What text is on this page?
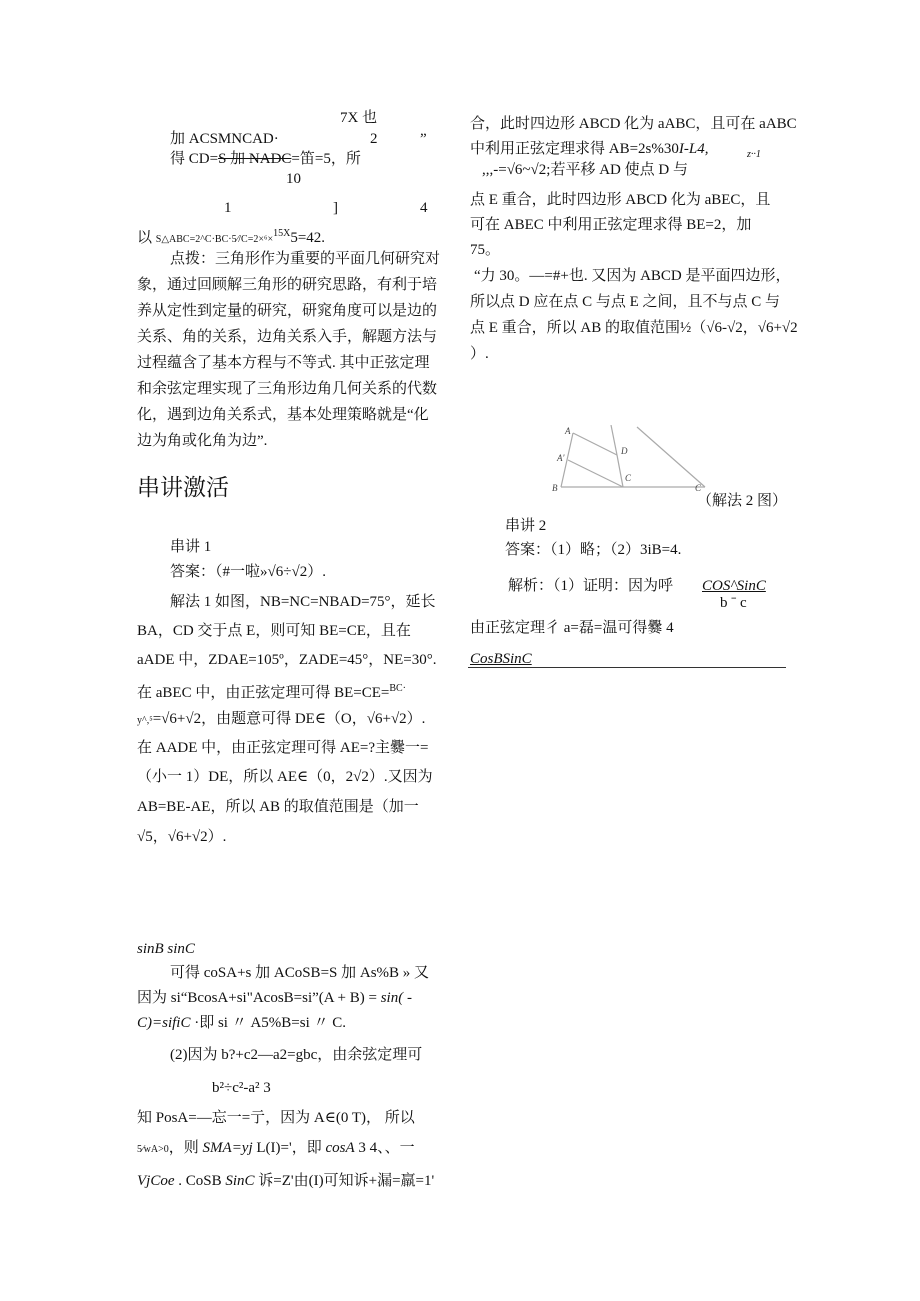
7X 也
加 ACSMNCAD·	2	”
得 CD=S 加 NADC=笛=5，所
10
1	]	4
以 S△ABC=2^C·BC·5⁄/C=2×⁶×$^{15X}$5=42.
点拨：三角形作为重要的平面几何研究对
象，通过回顾解三角形的研究思路，有利于培
养从定性到定量的研究，研窕角度可以是边的
关系、角的关系，边角关系入手，解题方法与
过程蕴含了基本方程与不等式. 其中正弦定理
和余弦定理实现了三角形边角几何关系的代数
化，遇到边角关系式，基本处理策略就是“化
边为角或化角为边”.
串讲激活
串讲 1
答案：（#一啦»√6÷√2）.
解法 1 如图，NB=NC=NBAD=75°，延长
BA，CD 交于点 E，则可知 BE=CE，且在
aADE 中，ZDAE=105º，ZADE=45°，NE=30°.
在 aBEC 中，由正弦定理可得 BE=CE=$^{BC\cdot}$
y^,⁵=√6+√2，由题意可得 DE∈（O，√6+√2）.
在 AADE 中，由正弦定理可得 AE=?主爨一=
（小一 1）DE，所以 AE∈（0，2√2）.又因为
AB=BE-AE，所以 AB 的取值范围是（加一
√5，√6+√2）.
sinB sinC
可得 coSA+s 加 ACoSB=S 加 As%B » 又
因为 si“BcosA+si"AcosB=si”(A + B) = sin( -
C)=sifiC ·即 si 〃 A5%B=si 〃 C.
(2)因为 b?+c2—a2=gbc，由余弦定理可
b²÷c²-a² 3
知 PosA=—忘一=亍，因为 A∈(0 T)， 所以
5⁄wA>0，则 SMA=yj L(I)='，即 cosA 3 4、、一
VjCoe . CoSB SinC 诉=Z'由(I)可知诉+漏=羸=1'
合，此时四边形 ABCD 化为 aABC，且可在 aABC
中利用正弦定理求得 AB=2s%30I-L4,	z··1
,,,-=√6~√2;若平移 AD 使点 D 与
点 E 重合，此时四边形 ABCD 化为 aBEC，且
可在 ABEC 中利用正弦定理求得 BE=2，加
75。
“力 30。—=#+也. 又因为 ABCD 是平面四边形，
所以点 D 应在点 C 与点 E 之间，且不与点 C 与
点 E 重合，所以 AB 的取值范围½（√6-√2，√6+√2
）.
A
A'
D
C
B	C
（解法 2 图）
串讲 2
答案：（1）略；（2）3iB=4.
解析：（1）证明：因为呼 COS^SinC
b ˉ c
由正弦定理彳 a=磊=温可得爨 4
CosBSinC
